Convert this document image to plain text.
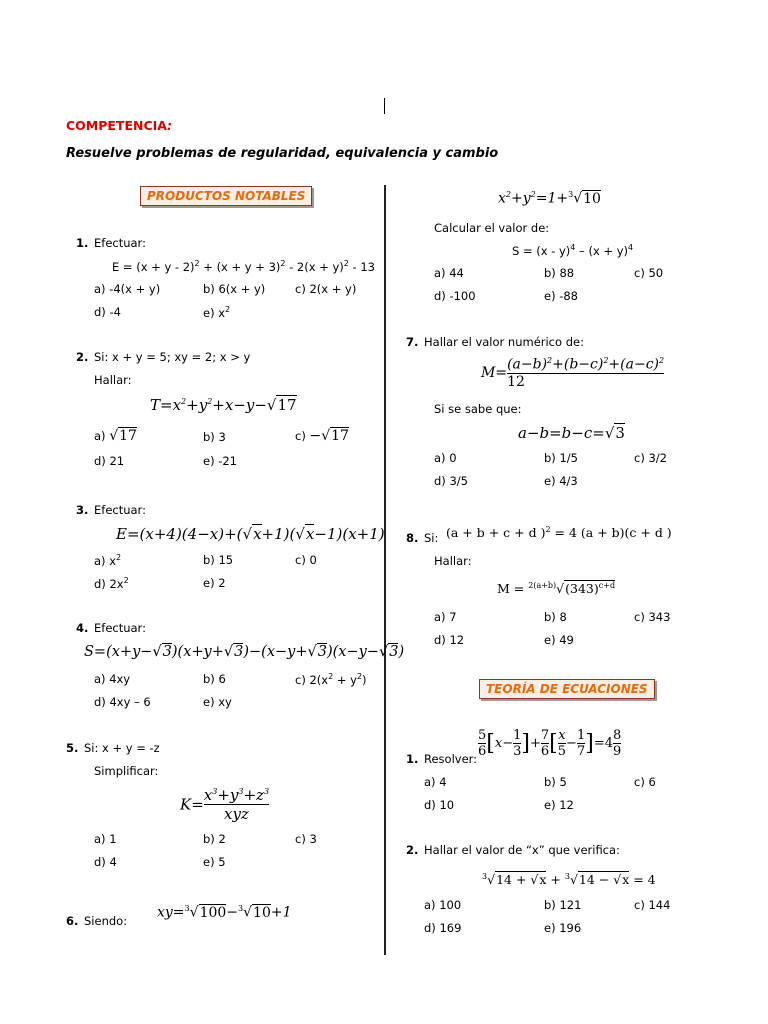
COMPETENCIA:
Resuelve problemas de regularidad, equivalencia y cambio
PRODUCTOS NOTABLES
1. Efectuar:
$E = (x + y - 2)^2 + (x + y + 3)^2 - 2(x + y)^2 - 13$
a) -4(x + y)	b) 6(x + y)	c) 2(x + y)
d) -4	e) $x^2$
2. Si: x + y = 5; xy = 2; x > y
Hallar:
$T=x^2+y^2+x-y-√17$
a) √17	b) 3	c) −√17
d) 21	e) -21
3. Efectuar:
E=(x+4)(4−x)+(√x+1)(√x−1)(x+1)
a) $x^2$	b) 15	c) 0
d) $2x^2$	e) 2
4. Efectuar:
S=(x+y−√3)(x+y+√3)−(x−y+√3)(x−y−√3)
a) 4xy	b) 6	c) $2(x^2 + y^2)$
d) 4xy – 6	e) xy
5. Si: x + y = -z
Simplificar:
$K= \frac{x^3+y^3+z^3}{\text{xyz}}$
a) 1	b) 2	c) 3
d) 4	e) 5
6. Siendo:
xy=$^3$√100−$^3$√10+1
$x^2+y^2=1+^3√10$
Calcular el valor de:
$S = (x - y)^4 - (x + y)^4$
a) 44	b) 88	c) 50
d) -100	e) -88
7. Hallar el valor numérico de:
$M= \frac{(a-b)^2+(b-c)^2+(a-c)^2}{12}$
Si se sabe que:
a−b=b−c=√3
a) 0	b) 1/5	c) 3/2
d) 3/5	e) 4/3
8. Si: (a + b + c + d )$^2$ = 4 (a + b)(c + d )
Hallar:
$M = ^{2(a+b)}√(343)^{c+d}$
a) 7	b) 8	c) 343
d) 12	e) 49
TEORÍA DE ECUACIONES
1. Resolver: $\frac{5}{6} [x- \frac{1}{3}$ ]+ $\frac{7}{6}$ [ $\frac{x}{5} - \frac{1}{7} ]=4 \frac{8}{9}$
a) 4	b) 5	c) 6
d) 10	e) 12
2. Hallar el valor de “x” que verifica:
$^3$√14 + √x + $^3$√14 − √x = 4
a) 100	b) 121	c) 144
d) 169	e) 196
